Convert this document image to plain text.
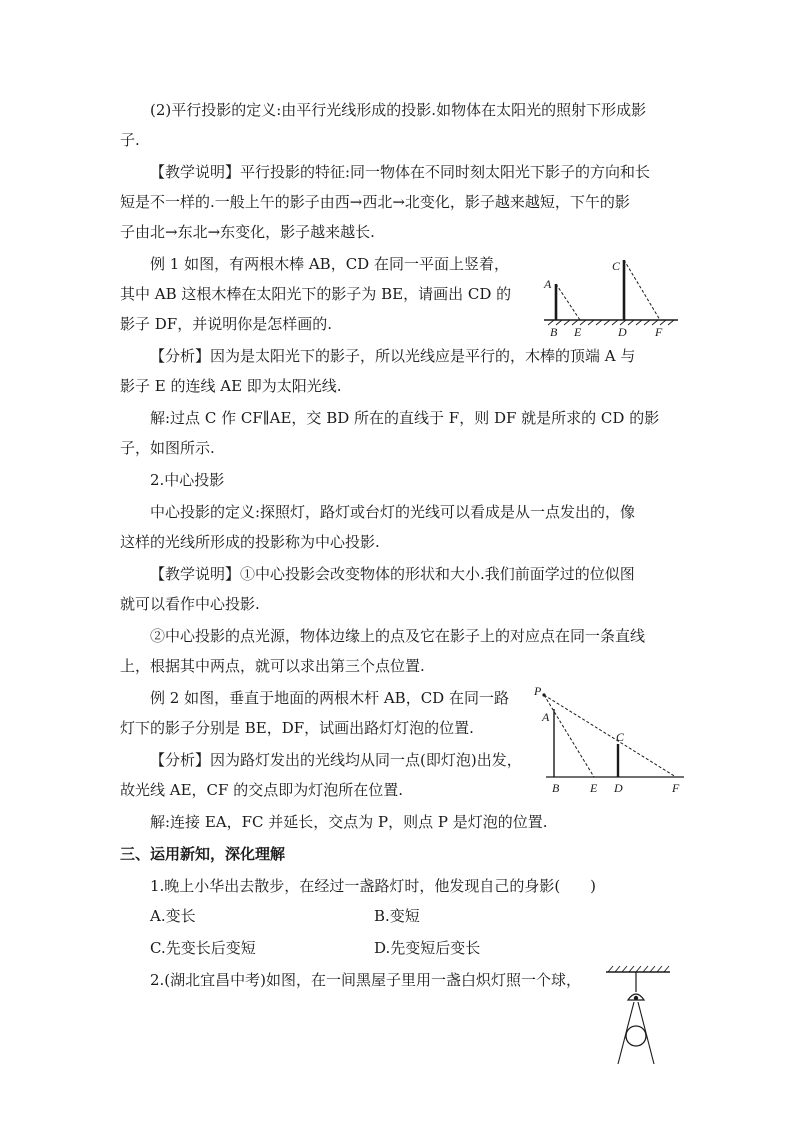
(2)平行投影的定义:由平行光线形成的投影.如物体在太阳光的照射下形成影
子.
【教学说明】平行投影的特征:同一物体在不同时刻太阳光下影子的方向和长
短是不一样的.一般上午的影子由西→西北→北变化，影子越来越短，下午的影
子由北→东北→东变化，影子越来越长.
例 1 如图，有两根木棒 AB，CD 在同一平面上竖着，
其中 AB 这根木棒在太阳光下的影子为 BE，请画出 CD 的
影子 DF，并说明你是怎样画的.
A
B E
C
D F
【分析】因为是太阳光下的影子，所以光线应是平行的，木棒的顶端 A 与
影子 E 的连线 AE 即为太阳光线.
解:过点 C 作 CF∥AE，交 BD 所在的直线于 F，则 DF 就是所求的 CD 的影
子，如图所示.
2.中心投影
中心投影的定义:探照灯，路灯或台灯的光线可以看成是从一点发出的，像
这样的光线所形成的投影称为中心投影.
【教学说明】①中心投影会改变物体的形状和大小.我们前面学过的位似图
就可以看作中心投影.
②中心投影的点光源，物体边缘上的点及它在影子上的对应点在同一条直线
上，根据其中两点，就可以求出第三个点位置.
例 2 如图，垂直于地面的两根木杆 AB，CD 在同一路
灯下的影子分别是 BE，DF，试画出路灯灯泡的位置.
P
A
B	E
C
D	F
【分析】因为路灯发出的光线均从同一点(即灯泡)出发，
故光线 AE，CF 的交点即为灯泡所在位置.
解:连接 EA，FC 并延长，交点为 P，则点 P 是灯泡的位置.
三、运用新知，深化理解
1.晚上小华出去散步，在经过一盏路灯时，他发现自己的身影(　　)
A.变长	B.变短
C.先变长后变短	D.先变短后变长
2.(湖北宜昌中考)如图，在一间黑屋子里用一盏白炽灯照一个球，
